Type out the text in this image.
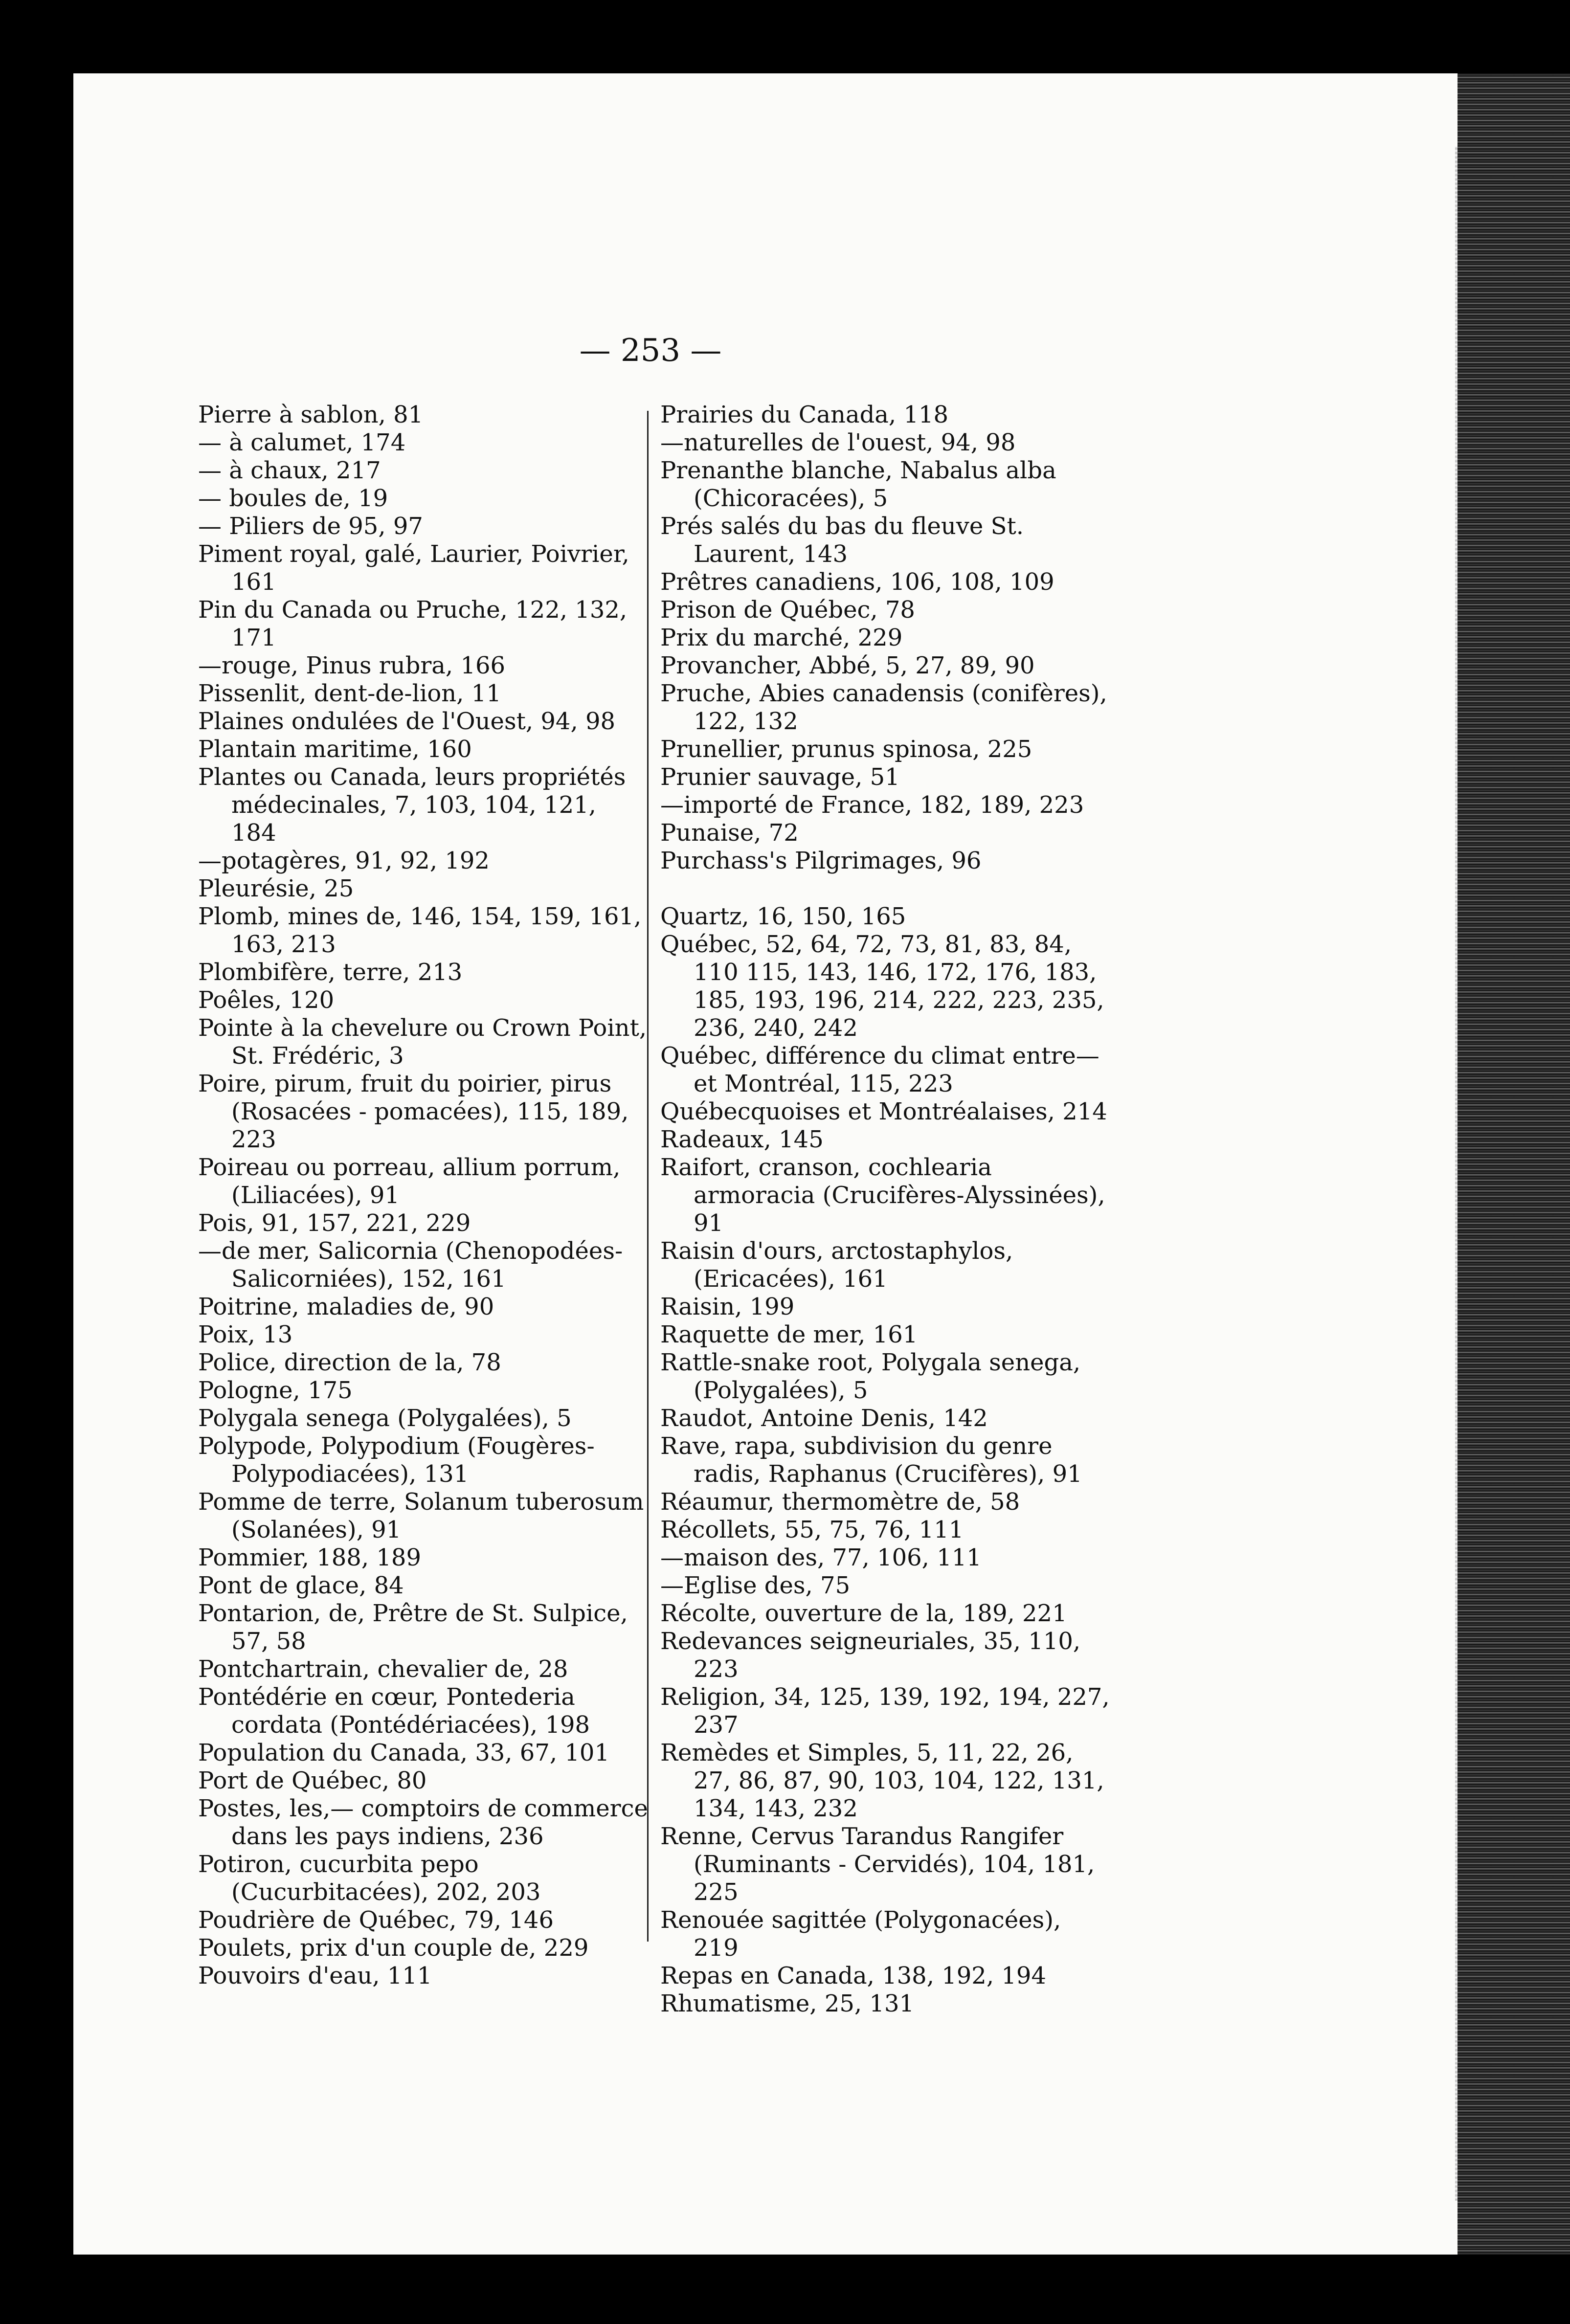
— 253 —

Pierre à sablon, 81

— à calumet, 174

— à chaux, 217

— boules de, 19

— Piliers de 95, 97

Piment royal, galé, Laurier, Poivrier, 161

Pin du Canada ou Pruche, 122, 132, 171

—rouge, Pinus rubra, 166

Pissenlit, dent-de-lion, 11

Plaines ondulées de l'Ouest, 94, 98

Plantain maritime, 160

Plantes ou Canada, leurs propriétés médecinales, 7, 103, 104, 121, 184

—potagères, 91, 92, 192

Pleurésie, 25

Plomb, mines de, 146, 154, 159, 161, 163, 213

Plombifère, terre, 213

Poêles, 120

Pointe à la chevelure ou Crown Point, St. Frédéric, 3

Poire, pirum, fruit du poirier, pirus (Rosacées - pomacées), 115, 189, 223

Poireau ou porreau, allium porrum, (Liliacées), 91

Pois, 91, 157, 221, 229

—de mer, Salicornia (Chenopodées-Salicorniées), 152, 161

Poitrine, maladies de, 90

Poix, 13

Police, direction de la, 78

Pologne, 175

Polygala senega (Polygalées), 5

Polypode, Polypodium (Fougères-Polypodiacées), 131

Pomme de terre, Solanum tuberosum (Solanées), 91

Pommier, 188, 189

Pont de glace, 84

Pontarion, de, Prêtre de St. Sulpice, 57, 58

Pontchartrain, chevalier de, 28

Pontédérie en cœur, Pontederia cordata (Pontédériacées), 198

Population du Canada, 33, 67, 101

Port de Québec, 80

Postes, les,— comptoirs de commerce dans les pays indiens, 236

Potiron, cucurbita pepo (Cucurbitacées), 202, 203

Poudrière de Québec, 79, 146

Poulets, prix d'un couple de, 229

Pouvoirs d'eau, 111

Prairies du Canada, 118

—naturelles de l'ouest, 94, 98

Prenanthe blanche, Nabalus alba (Chicoracées), 5

Prés salés du bas du fleuve St. Laurent, 143

Prêtres canadiens, 106, 108, 109

Prison de Québec, 78

Prix du marché, 229

Provancher, Abbé, 5, 27, 89, 90

Pruche, Abies canadensis (conifères), 122, 132

Prunellier, prunus spinosa, 225

Prunier sauvage, 51

—importé de France, 182, 189, 223

Punaise, 72

Purchass's Pilgrimages, 96

Quartz, 16, 150, 165

Québec, 52, 64, 72, 73, 81, 83, 84, 110 115, 143, 146, 172, 176, 183, 185, 193, 196, 214, 222, 223, 235, 236, 240, 242

Québec, différence du climat entre— et Montréal, 115, 223

Québecquoises et Montréalaises, 214

Radeaux, 145

Raifort, cranson, cochlearia armoracia (Crucifères-Alyssinées), 91

Raisin d'ours, arctostaphylos, (Ericacées), 161

Raisin, 199

Raquette de mer, 161

Rattle-snake root, Polygala senega, (Polygalées), 5

Raudot, Antoine Denis, 142

Rave, rapa, subdivision du genre radis, Raphanus (Crucifères), 91

Réaumur, thermomètre de, 58

Récollets, 55, 75, 76, 111

—maison des, 77, 106, 111

—Eglise des, 75

Récolte, ouverture de la, 189, 221

Redevances seigneuriales, 35, 110, 223

Religion, 34, 125, 139, 192, 194, 227, 237

Remèdes et Simples, 5, 11, 22, 26, 27, 86, 87, 90, 103, 104, 122, 131, 134, 143, 232

Renne, Cervus Tarandus Rangifer (Ruminants - Cervidés), 104, 181, 225

Renouée sagittée (Polygonacées), 219

Repas en Canada, 138, 192, 194

Rhumatisme, 25, 131
